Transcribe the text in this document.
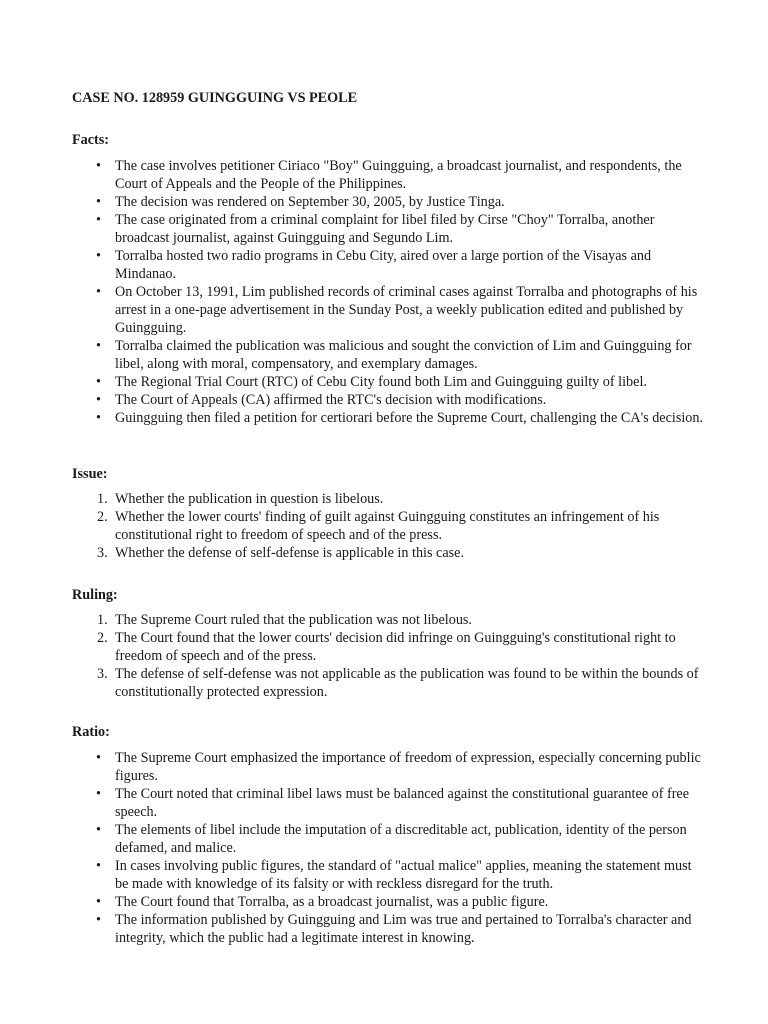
CASE NO. 128959 GUINGGUING VS PEOLE

Facts:

• The case involves petitioner Ciriaco "Boy" Guingguing, a broadcast journalist, and respondents, the Court of Appeals and the People of the Philippines.
• The decision was rendered on September 30, 2005, by Justice Tinga.
• The case originated from a criminal complaint for libel filed by Cirse "Choy" Torralba, another broadcast journalist, against Guingguing and Segundo Lim.
• Torralba hosted two radio programs in Cebu City, aired over a large portion of the Visayas and Mindanao.
• On October 13, 1991, Lim published records of criminal cases against Torralba and photographs of his arrest in a one-page advertisement in the Sunday Post, a weekly publication edited and published by Guingguing.
• Torralba claimed the publication was malicious and sought the conviction of Lim and Guingguing for libel, along with moral, compensatory, and exemplary damages.
• The Regional Trial Court (RTC) of Cebu City found both Lim and Guingguing guilty of libel.
• The Court of Appeals (CA) affirmed the RTC's decision with modifications.
• Guingguing then filed a petition for certiorari before the Supreme Court, challenging the CA's decision.

Issue:

Whether the publication in question is libelous.
Whether the lower courts' finding of guilt against Guingguing constitutes an infringement of his constitutional right to freedom of speech and of the press.
Whether the defense of self-defense is applicable in this case.

Ruling:

The Supreme Court ruled that the publication was not libelous.
The Court found that the lower courts' decision did infringe on Guingguing's constitutional right to freedom of speech and of the press.
The defense of self-defense was not applicable as the publication was found to be within the bounds of constitutionally protected expression.

Ratio:

• The Supreme Court emphasized the importance of freedom of expression, especially concerning public figures.
• The Court noted that criminal libel laws must be balanced against the constitutional guarantee of free speech.
• The elements of libel include the imputation of a discreditable act, publication, identity of the person defamed, and malice.
• In cases involving public figures, the standard of "actual malice" applies, meaning the statement must be made with knowledge of its falsity or with reckless disregard for the truth.
• The Court found that Torralba, as a broadcast journalist, was a public figure.
• The information published by Guingguing and Lim was true and pertained to Torralba's character and integrity, which the public had a legitimate interest in knowing.
